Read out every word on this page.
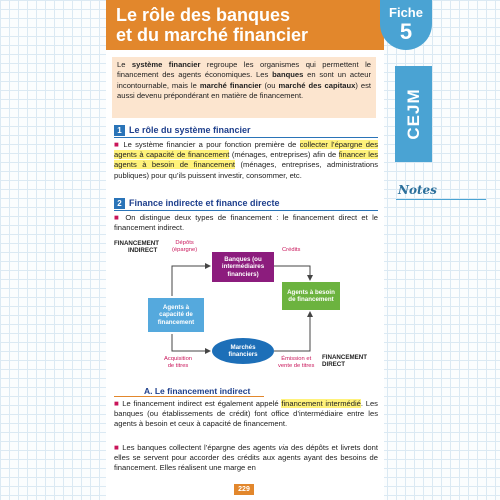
Le rôle des banques
et du marché financier
Fiche
5
CEJM
Notes
Le système financier regroupe les organismes qui permettent le financement des agents économiques. Les banques en sont un acteur incontournable, mais le marché financier (ou marché des capitaux) est aussi devenu prépondérant en matière de financement.
1 Le rôle du système financier
■ Le système financier a pour fonction première de collecter l’épargne des agents à capacité de financement (ménages, entreprises) afin de financer les agents à besoin de financement (ménages, entreprises, administrations publiques) pour qu’ils puissent investir, consommer, etc.
2 Finance indirecte et finance directe
■ On distingue deux types de financement : le financement direct et le financement indirect.
FINANCEMENT
INDIRECT
Dépôts
(épargne)	Crédits
Banques (ou
intermédiaires
financiers)
Agents à besoin
de financement
Agents à
capacité de
financement
Marchés
financiers
Acquisition
de titres
Émission et
vente de titres
FINANCEMENT
DIRECT
A. Le financement indirect
■ Le financement indirect est également appelé financement intermédié. Les banques (ou établissements de crédit) font office d’intermédiaire entre les agents à besoin et ceux à capacité de financement.
■ Les banques collectent l’épargne des agents via des dépôts et livrets dont elles se servent pour accorder des crédits aux agents ayant des besoins de financement. Elles réalisent une marge en
229
